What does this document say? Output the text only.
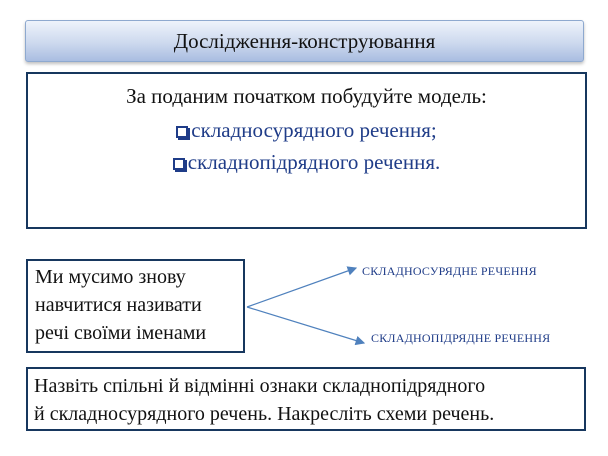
Дослідження-конструювання
За поданим початком побудуйте модель:
складносурядного речення;
складнопідрядного речення.
Ми мусимо знову
навчитися називати
речі своїми іменами
СКЛАДНОСУРЯДНЕ РЕЧЕННЯ
СКЛАДНОПІДРЯДНЕ РЕЧЕННЯ
Назвіть спільні й відмінні ознаки складнопідрядного
й складносурядного речень. Накресліть схеми речень.
